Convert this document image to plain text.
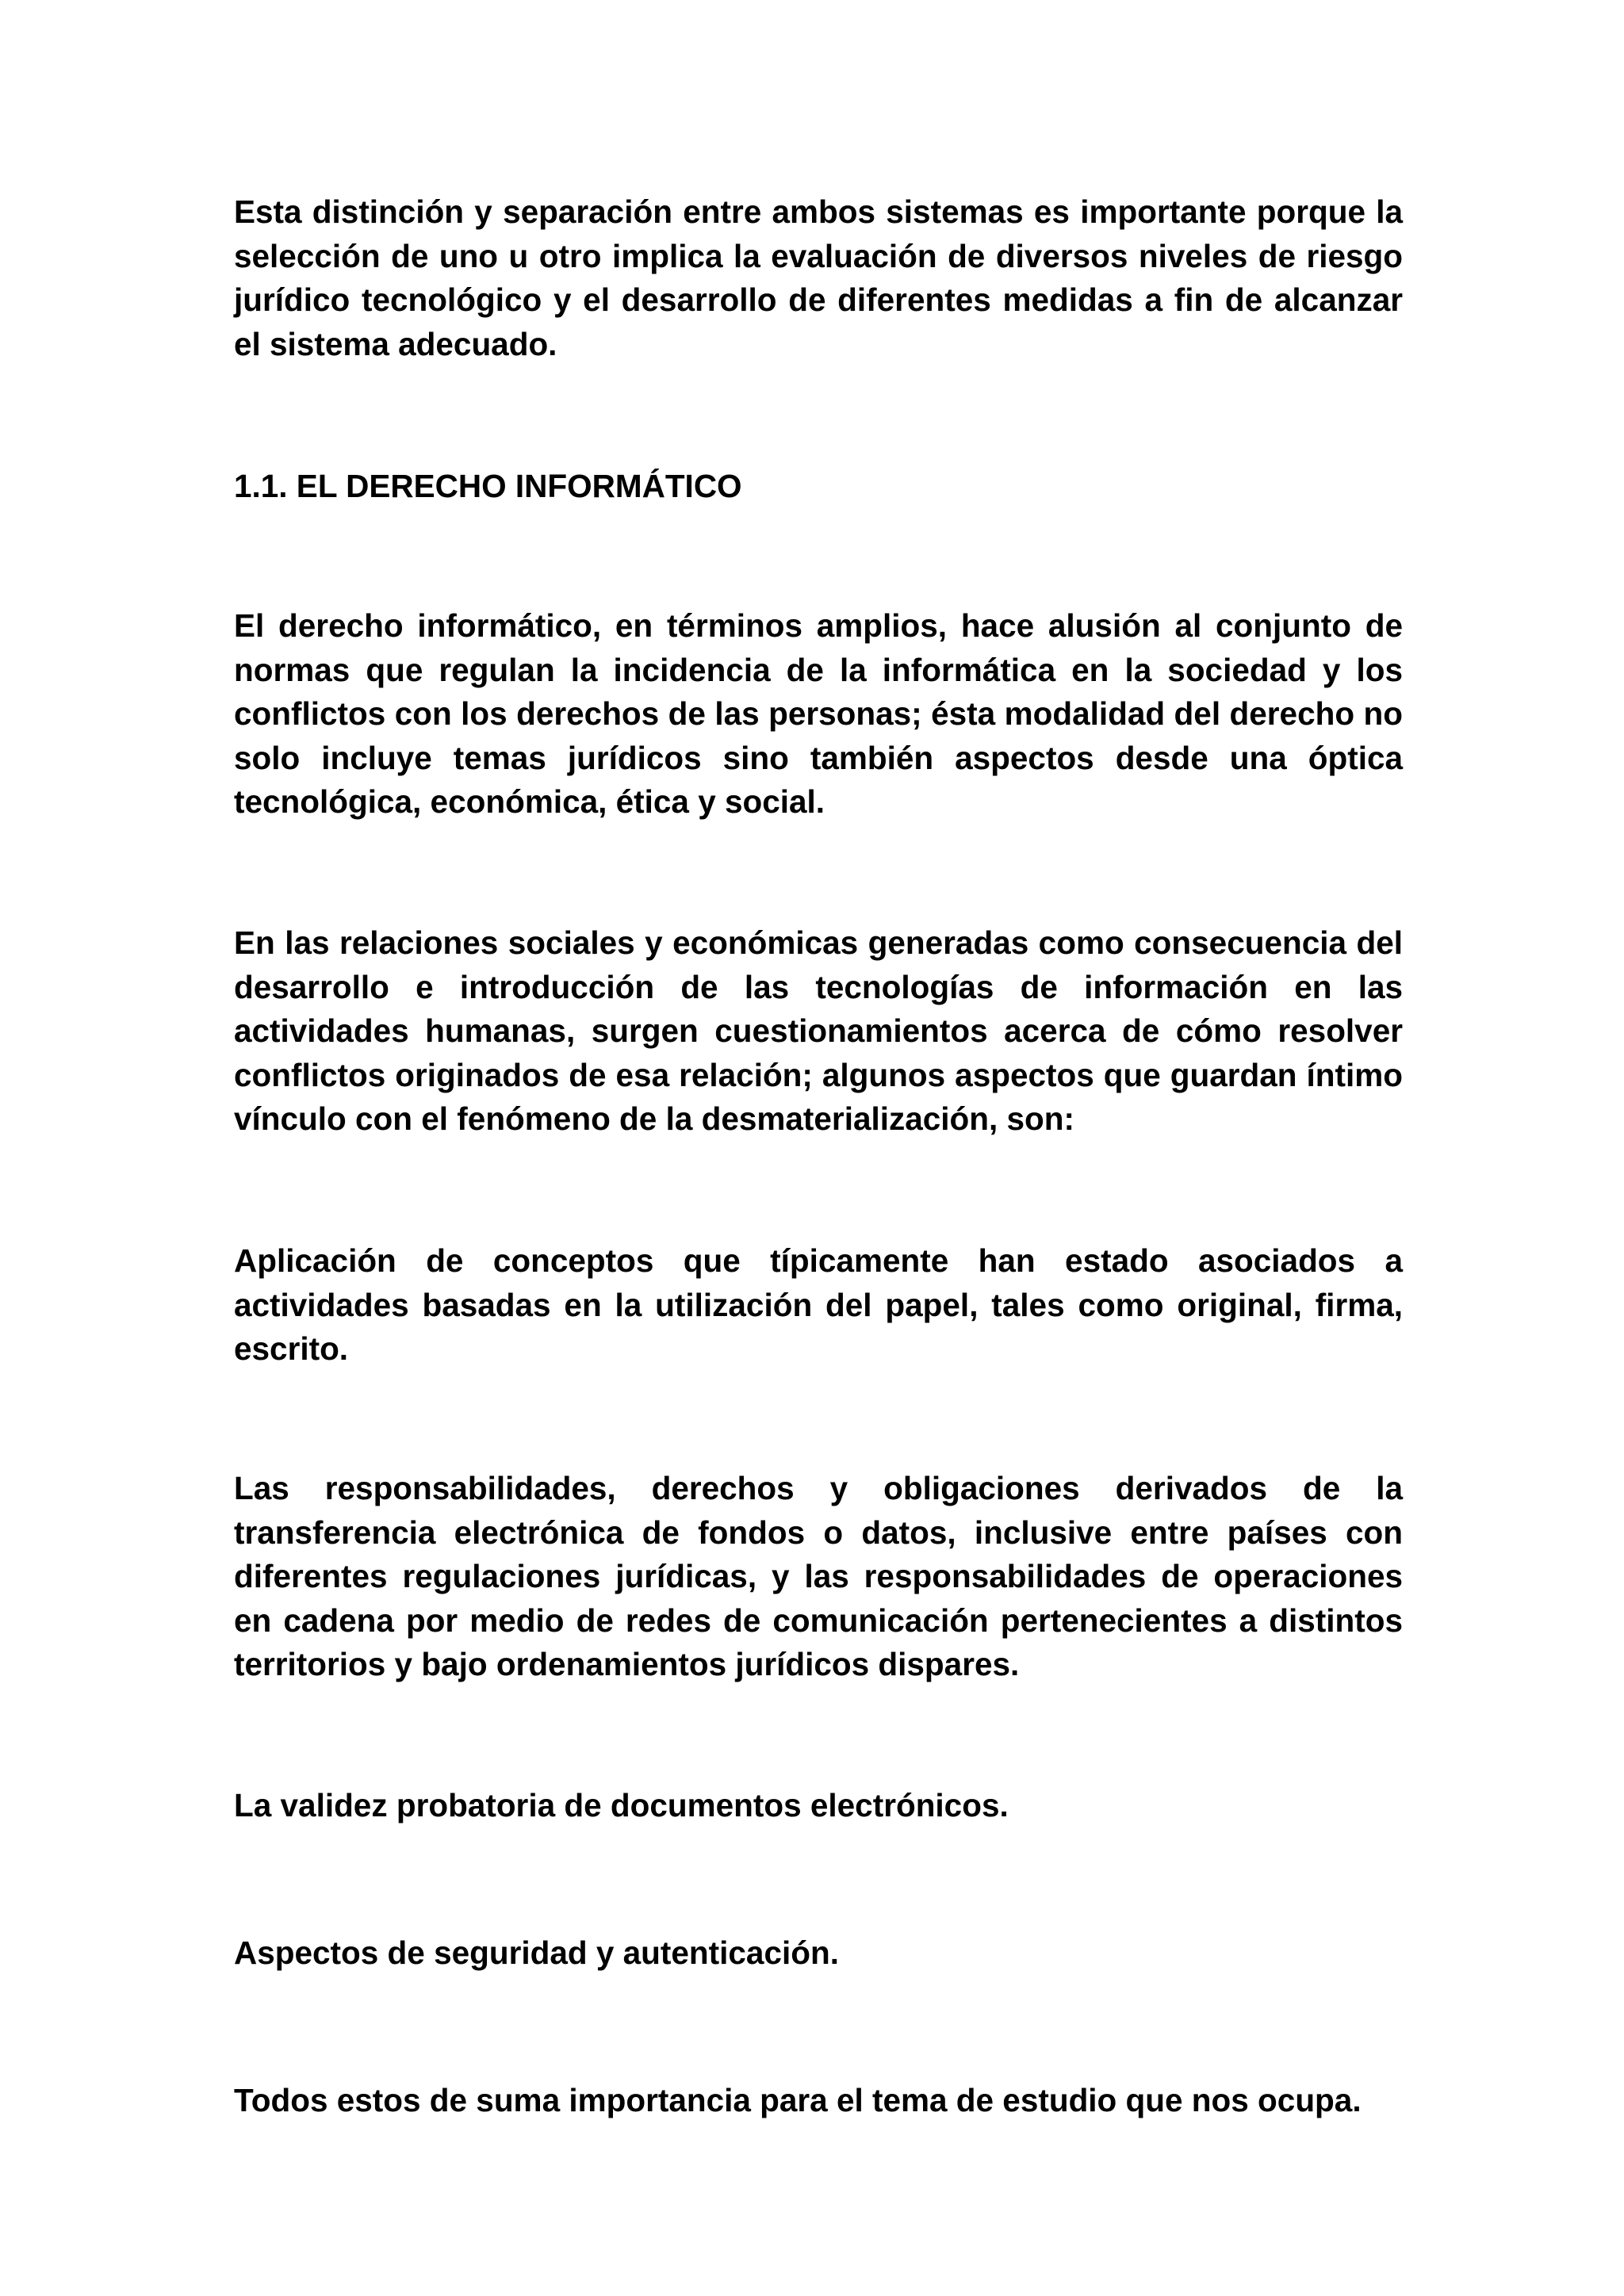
Esta distinción y separación entre ambos sistemas es importante porque la selección de uno u otro implica la evaluación de diversos niveles de riesgo jurídico tecnológico y el desarrollo de diferentes medidas a fin de alcanzar el sistema adecuado.

1.1. EL DERECHO INFORMÁTICO

El derecho informático, en términos amplios, hace alusión al conjunto de normas que regulan la incidencia de la informática en la sociedad y los conflictos con los derechos de las personas; ésta modalidad del derecho no solo incluye temas jurídicos sino también aspectos desde una óptica tecnológica, económica, ética y social.

En las relaciones sociales y económicas generadas como consecuencia del desarrollo e introducción de las tecnologías de información en las actividades humanas, surgen cuestionamientos acerca de cómo resolver conflictos originados de esa relación; algunos aspectos que guardan íntimo vínculo con el fenómeno de la desmaterialización, son:

Aplicación de conceptos que típicamente han estado asociados a actividades basadas en la utilización del papel, tales como original, firma, escrito.

Las responsabilidades, derechos y obligaciones derivados de la transferencia electrónica de fondos o datos, inclusive entre países con diferentes regulaciones jurídicas, y las responsabilidades de operaciones en cadena por medio de redes de comunicación pertenecientes a distintos territorios y bajo ordenamientos jurídicos dispares.

La validez probatoria de documentos electrónicos.

Aspectos de seguridad y autenticación.

Todos estos de suma importancia para el tema de estudio que nos ocupa.
